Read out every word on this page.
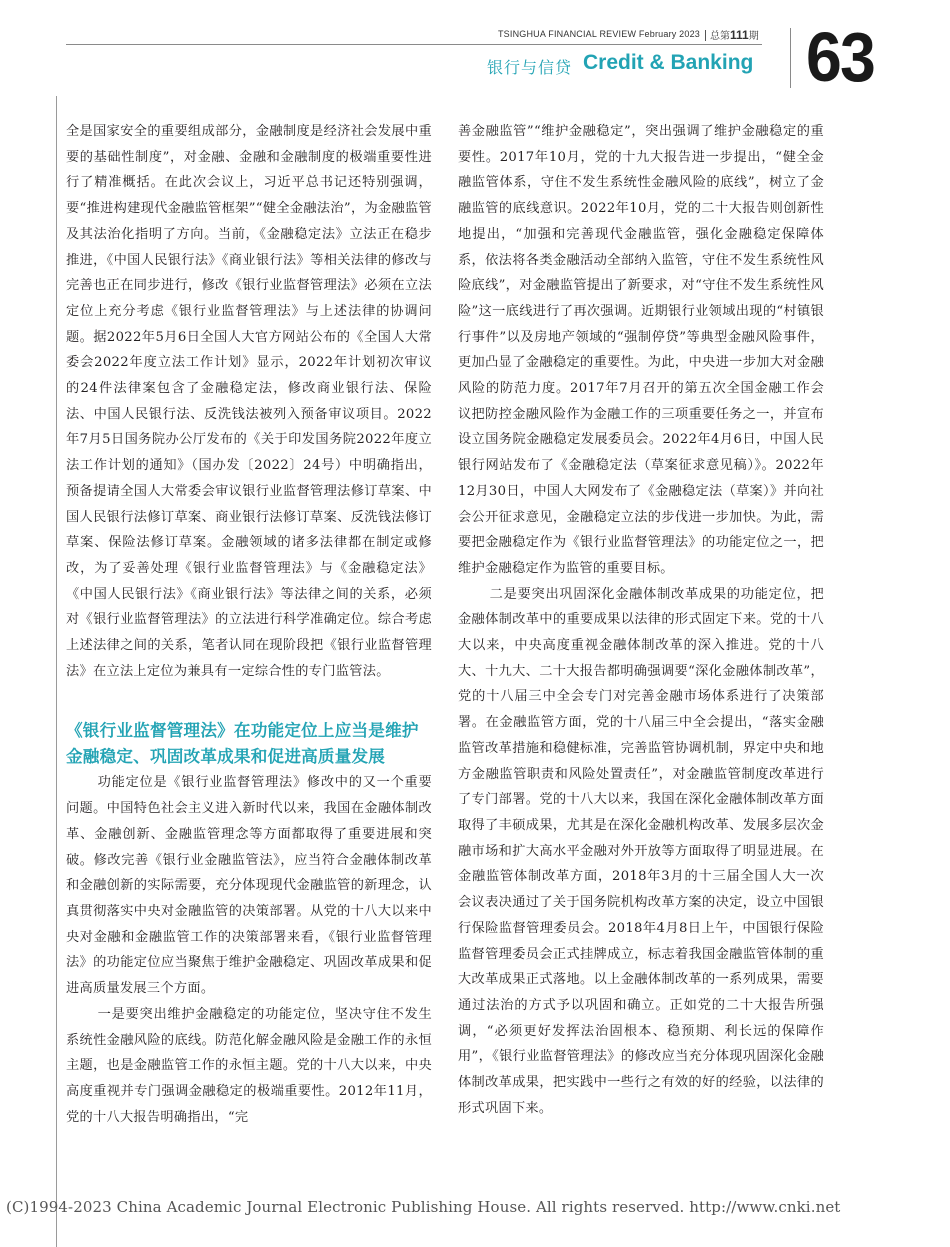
TSINGHUA FINANCIAL REVIEW February 2023 总第111期
银行与信贷 Credit & Banking 63

全是国家安全的重要组成部分，金融制度是经济社会发展中重要的基础性制度”，对金融、金融和金融制度的极端重要性进行了精准概括。在此次会议上，习近平总书记还特别强调，要“推进构建现代金融监管框架”“健全金融法治”，为金融监管及其法治化指明了方向。当前，《金融稳定法》立法正在稳步推进，《中国人民银行法》《商业银行法》等相关法律的修改与完善也正在同步进行，修改《银行业监督管理法》必须在立法定位上充分考虑《银行业监督管理法》与上述法律的协调问题。据2022年5月6日全国人大官方网站公布的《全国人大常委会2022年度立法工作计划》显示，2022年计划初次审议的24件法律案包含了金融稳定法，修改商业银行法、保险法、中国人民银行法、反洗钱法被列入预备审议项目。2022年7月5日国务院办公厅发布的《关于印发国务院2022年度立法工作计划的通知》（国办发〔2022〕24号）中明确指出，预备提请全国人大常委会审议银行业监督管理法修订草案、中国人民银行法修订草案、商业银行法修订草案、反洗钱法修订草案、保险法修订草案。金融领域的诸多法律都在制定或修改，为了妥善处理《银行业监督管理法》与《金融稳定法》《中国人民银行法》《商业银行法》等法律之间的关系，必须对《银行业监督管理法》的立法进行科学准确定位。综合考虑上述法律之间的关系，笔者认同在现阶段把《银行业监督管理法》在立法上定位为兼具有一定综合性的专门监管法。

《银行业监督管理法》在功能定位上应当是维护金融稳定、巩固改革成果和促进高质量发展

功能定位是《银行业监督管理法》修改中的又一个重要问题。中国特色社会主义进入新时代以来，我国在金融体制改革、金融创新、金融监管理念等方面都取得了重要进展和突破。修改完善《银行业金融监管法》，应当符合金融体制改革和金融创新的实际需要，充分体现现代金融监管的新理念，认真贯彻落实中央对金融监管的决策部署。从党的十八大以来中央对金融和金融监管工作的决策部署来看，《银行业监督管理法》的功能定位应当聚焦于维护金融稳定、巩固改革成果和促进高质量发展三个方面。

一是要突出维护金融稳定的功能定位，坚决守住不发生系统性金融风险的底线。防范化解金融风险是金融工作的永恒主题，也是金融监管工作的永恒主题。党的十八大以来，中央高度重视并专门强调金融稳定的极端重要性。2012年11月，党的十八大报告明确指出，“完

善金融监管”“维护金融稳定”，突出强调了维护金融稳定的重要性。2017年10月，党的十九大报告进一步提出，“健全金融监管体系，守住不发生系统性金融风险的底线”，树立了金融监管的底线意识。2022年10月，党的二十大报告则创新性地提出，“加强和完善现代金融监管，强化金融稳定保障体系，依法将各类金融活动全部纳入监管，守住不发生系统性风险底线”，对金融监管提出了新要求，对“守住不发生系统性风险”这一底线进行了再次强调。近期银行业领域出现的“村镇银行事件”以及房地产领域的“强制停贷”等典型金融风险事件，更加凸显了金融稳定的重要性。为此，中央进一步加大对金融风险的防范力度。2017年7月召开的第五次全国金融工作会议把防控金融风险作为金融工作的三项重要任务之一，并宣布设立国务院金融稳定发展委员会。2022年4月6日，中国人民银行网站发布了《金融稳定法（草案征求意见稿）》。2022年12月30日，中国人大网发布了《金融稳定法（草案）》并向社会公开征求意见，金融稳定立法的步伐进一步加快。为此，需要把金融稳定作为《银行业监督管理法》的功能定位之一，把维护金融稳定作为监管的重要目标。

二是要突出巩固深化金融体制改革成果的功能定位，把金融体制改革中的重要成果以法律的形式固定下来。党的十八大以来，中央高度重视金融体制改革的深入推进。党的十八大、十九大、二十大报告都明确强调要“深化金融体制改革”，党的十八届三中全会专门对完善金融市场体系进行了决策部署。在金融监管方面，党的十八届三中全会提出，“落实金融监管改革措施和稳健标准，完善监管协调机制，界定中央和地方金融监管职责和风险处置责任”，对金融监管制度改革进行了专门部署。党的十八大以来，我国在深化金融体制改革方面取得了丰硕成果，尤其是在深化金融机构改革、发展多层次金融市场和扩大高水平金融对外开放等方面取得了明显进展。在金融监管体制改革方面，2018年3月的十三届全国人大一次会议表决通过了关于国务院机构改革方案的决定，设立中国银行保险监督管理委员会。2018年4月8日上午，中国银行保险监督管理委员会正式挂牌成立，标志着我国金融监管体制的重大改革成果正式落地。以上金融体制改革的一系列成果，需要通过法治的方式予以巩固和确立。正如党的二十大报告所强调，“必须更好发挥法治固根本、稳预期、利长远的保障作用”，《银行业监督管理法》的修改应当充分体现巩固深化金融体制改革成果，把实践中一些行之有效的好的经验，以法律的形式巩固下来。

(C)1994-2023 China Academic Journal Electronic Publishing House. All rights reserved. http://www.cnki.net
